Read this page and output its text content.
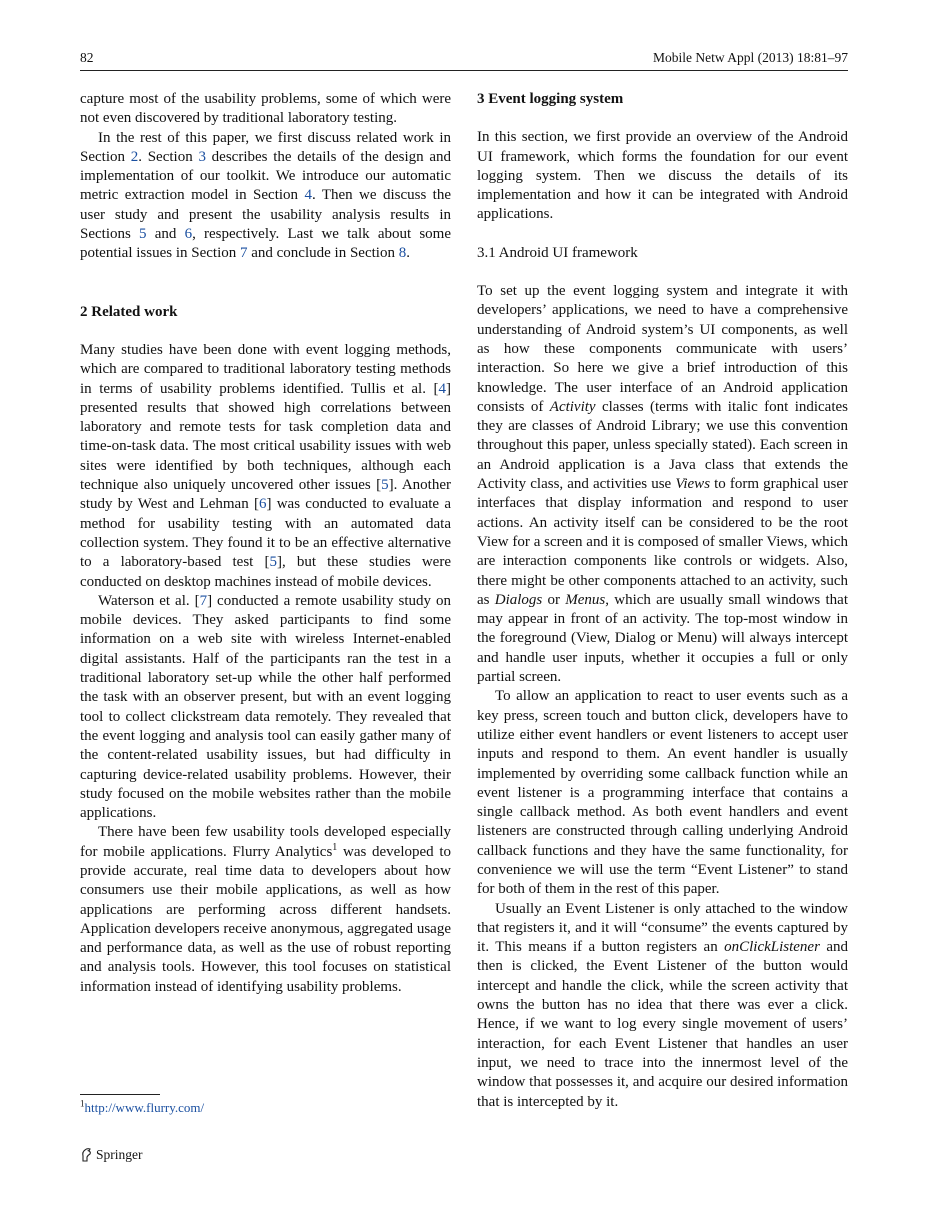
82	Mobile Netw Appl (2013) 18:81–97

capture most of the usability problems, some of which were not even discovered by traditional laboratory testing.

In the rest of this paper, we first discuss related work in Section 2. Section 3 describes the details of the design and implementation of our toolkit. We introduce our automatic metric extraction model in Section 4. Then we discuss the user study and present the usability analysis results in Sections 5 and 6, respectively. Last we talk about some potential issues in Section 7 and conclude in Section 8.

2 Related work

Many studies have been done with event logging methods, which are compared to traditional laboratory testing methods in terms of usability problems identified. Tullis et al. [4] presented results that showed high correlations between laboratory and remote tests for task completion data and time-on-task data. The most critical usability issues with web sites were identified by both techniques, although each technique also uniquely uncovered other issues [5]. Another study by West and Lehman [6] was conducted to evaluate a method for usability testing with an automated data collection system. They found it to be an effective alternative to a laboratory-based test [5], but these studies were conducted on desktop machines instead of mobile devices.

Waterson et al. [7] conducted a remote usability study on mobile devices. They asked participants to find some information on a web site with wireless Internet-enabled digital assistants. Half of the participants ran the test in a traditional laboratory set-up while the other half performed the task with an observer present, but with an event logging tool to collect clickstream data remotely. They revealed that the event logging and analysis tool can easily gather many of the content-related usability issues, but had difficulty in capturing device-related usability problems. However, their study focused on the mobile websites rather than the mobile applications.

There have been few usability tools developed especially for mobile applications. Flurry Analytics$^1$ was developed to provide accurate, real time data to developers about how consumers use their mobile applications, as well as how applications are performing across different handsets. Application developers receive anonymous, aggregated usage and performance data, as well as the use of robust reporting and analysis tools. However, this tool focuses on statistical information instead of identifying usability problems.

3 Event logging system

In this section, we first provide an overview of the Android UI framework, which forms the foundation for our event logging system. Then we discuss the details of its implementation and how it can be integrated with Android applications.

3.1 Android UI framework

To set up the event logging system and integrate it with developers’ applications, we need to have a comprehensive understanding of Android system’s UI components, as well as how these components communicate with users’ interaction. So here we give a brief introduction of this knowledge. The user interface of an Android application consists of Activity classes (terms with italic font indicates they are classes of Android Library; we use this convention throughout this paper, unless specially stated). Each screen in an Android application is a Java class that extends the Activity class, and activities use Views to form graphical user interfaces that display information and respond to user actions. An activity itself can be considered to be the root View for a screen and it is composed of smaller Views, which are interaction components like controls or widgets. Also, there might be other components attached to an activity, such as Dialogs or Menus, which are usually small windows that may appear in front of an activity. The top-most window in the foreground (View, Dialog or Menu) will always intercept and handle user inputs, whether it occupies a full or only partial screen.

To allow an application to react to user events such as a key press, screen touch and button click, developers have to utilize either event handlers or event listeners to accept user inputs and respond to them. An event handler is usually implemented by overriding some callback function while an event listener is a programming interface that contains a single callback method. As both event handlers and event listeners are constructed through calling underlying Android callback functions and they have the same functionality, for convenience we will use the term “Event Listener” to stand for both of them in the rest of this paper.

Usually an Event Listener is only attached to the window that registers it, and it will “consume” the events captured by it. This means if a button registers an onClickListener and then is clicked, the Event Listener of the button would intercept and handle the click, while the screen activity that owns the button has no idea that there was ever a click. Hence, if we want to log every single movement of users’ interaction, for each Event Listener that handles an user input, we need to trace into the innermost level of the window that possesses it, and acquire our desired information that is intercepted by it.

$^1$http://www.flurry.com/
Springer
